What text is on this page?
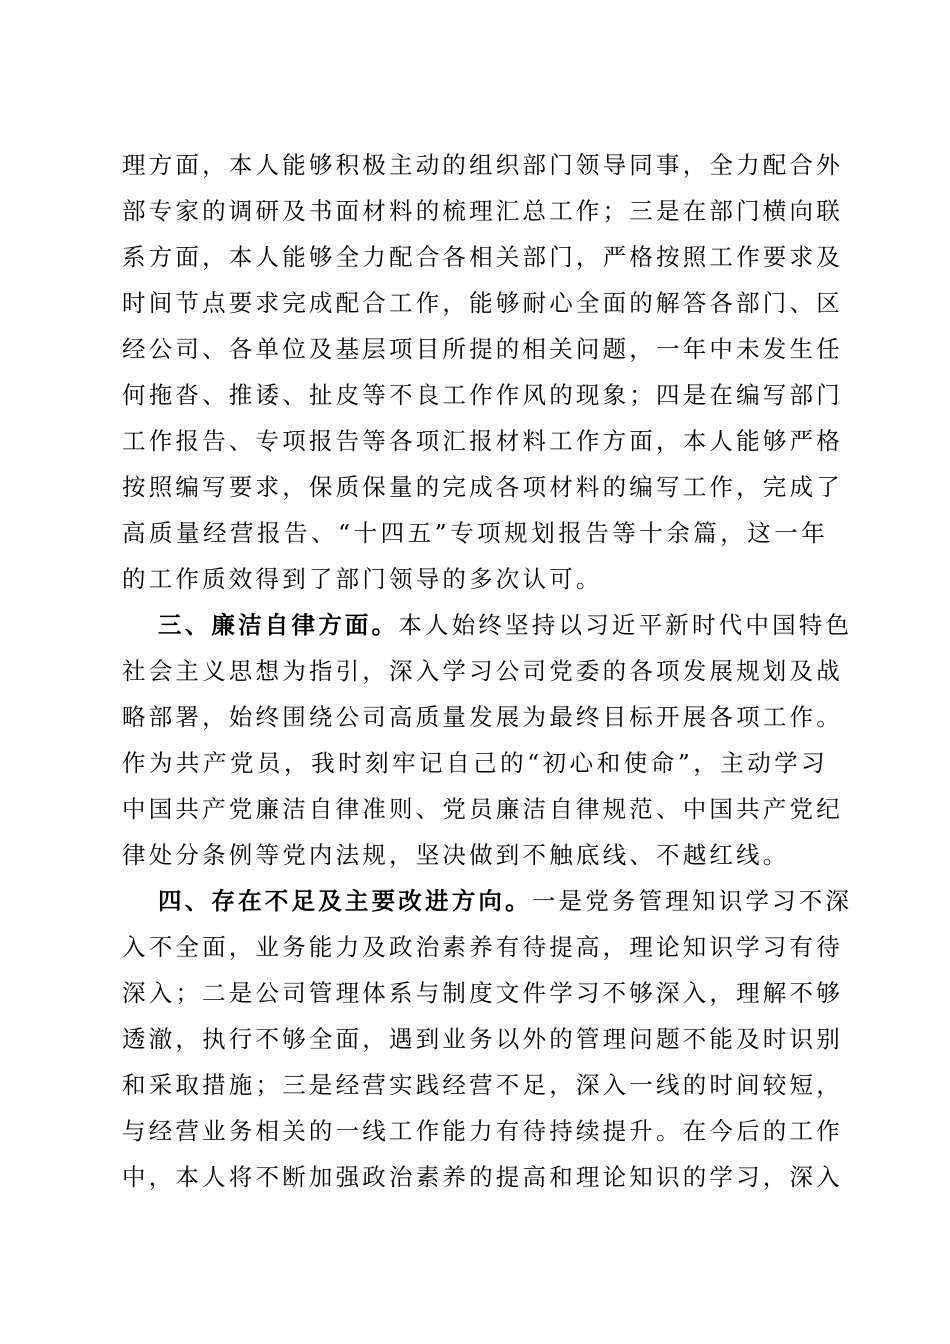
理方面，本人能够积极主动的组织部门领导同事，全力配合外
部专家的调研及书面材料的梳理汇总工作；三是在部门横向联
系方面，本人能够全力配合各相关部门，严格按照工作要求及
时间节点要求完成配合工作，能够耐心全面的解答各部门、区
经公司、各单位及基层项目所提的相关问题，一年中未发生任
何拖沓、推诿、扯皮等不良工作作风的现象；四是在编写部门
工作报告、专项报告等各项汇报材料工作方面，本人能够严格
按照编写要求，保质保量的完成各项材料的编写工作，完成了
高质量经营报告、“十四五”专项规划报告等十余篇，这一年
的工作质效得到了部门领导的多次认可。
三、廉洁自律方面。本人始终坚持以习近平新时代中国特色
社会主义思想为指引，深入学习公司党委的各项发展规划及战
略部署，始终围绕公司高质量发展为最终目标开展各项工作。
作为共产党员，我时刻牢记自己的“初心和使命”，主动学习
中国共产党廉洁自律准则、党员廉洁自律规范、中国共产党纪
律处分条例等党内法规，坚决做到不触底线、不越红线。
四、存在不足及主要改进方向。一是党务管理知识学习不深
入不全面，业务能力及政治素养有待提高，理论知识学习有待
深入；二是公司管理体系与制度文件学习不够深入，理解不够
透澈，执行不够全面，遇到业务以外的管理问题不能及时识别
和采取措施；三是经营实践经营不足，深入一线的时间较短，
与经营业务相关的一线工作能力有待持续提升。在今后的工作
中，本人将不断加强政治素养的提高和理论知识的学习，深入
